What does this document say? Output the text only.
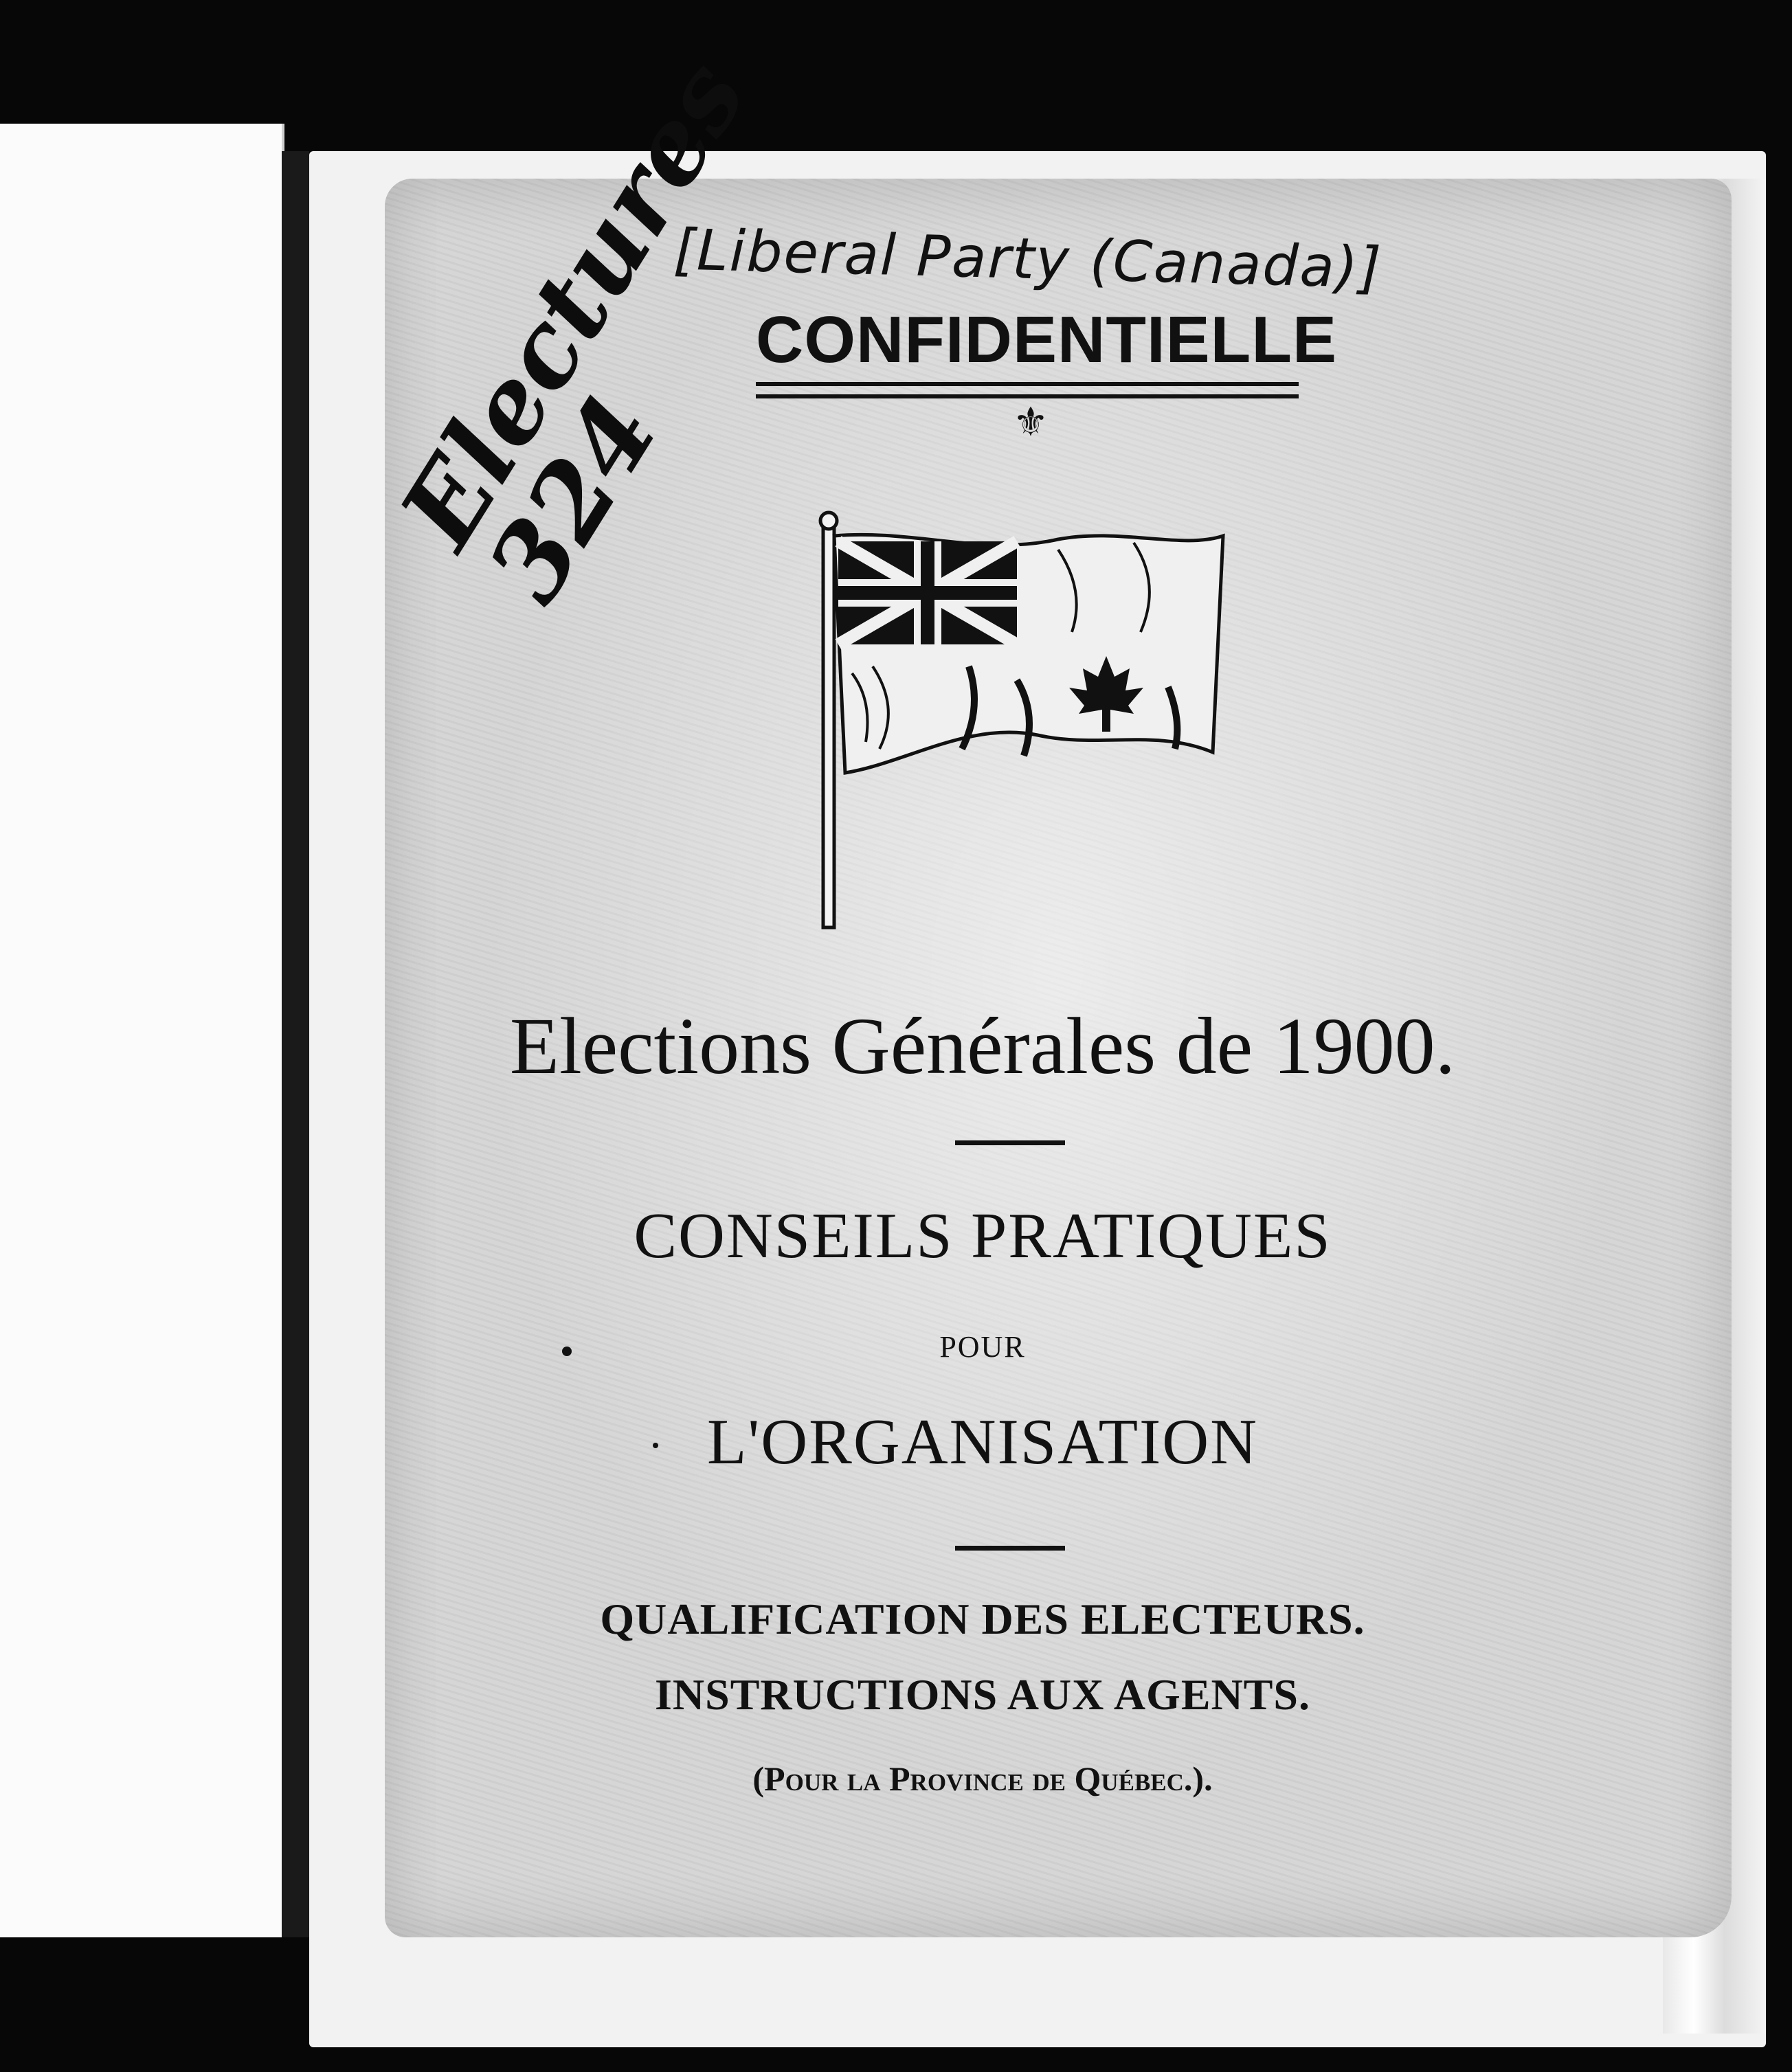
[Liberal Party (Canada)]
Electures
324
CONFIDENTIELLE
⚜
Elections Générales de 1900.
CONSEILS PRATIQUES
POUR
L'ORGANISATION
QUALIFICATION DES ELECTEURS.
INSTRUCTIONS AUX AGENTS.
(Pour la Province de Québec.).
